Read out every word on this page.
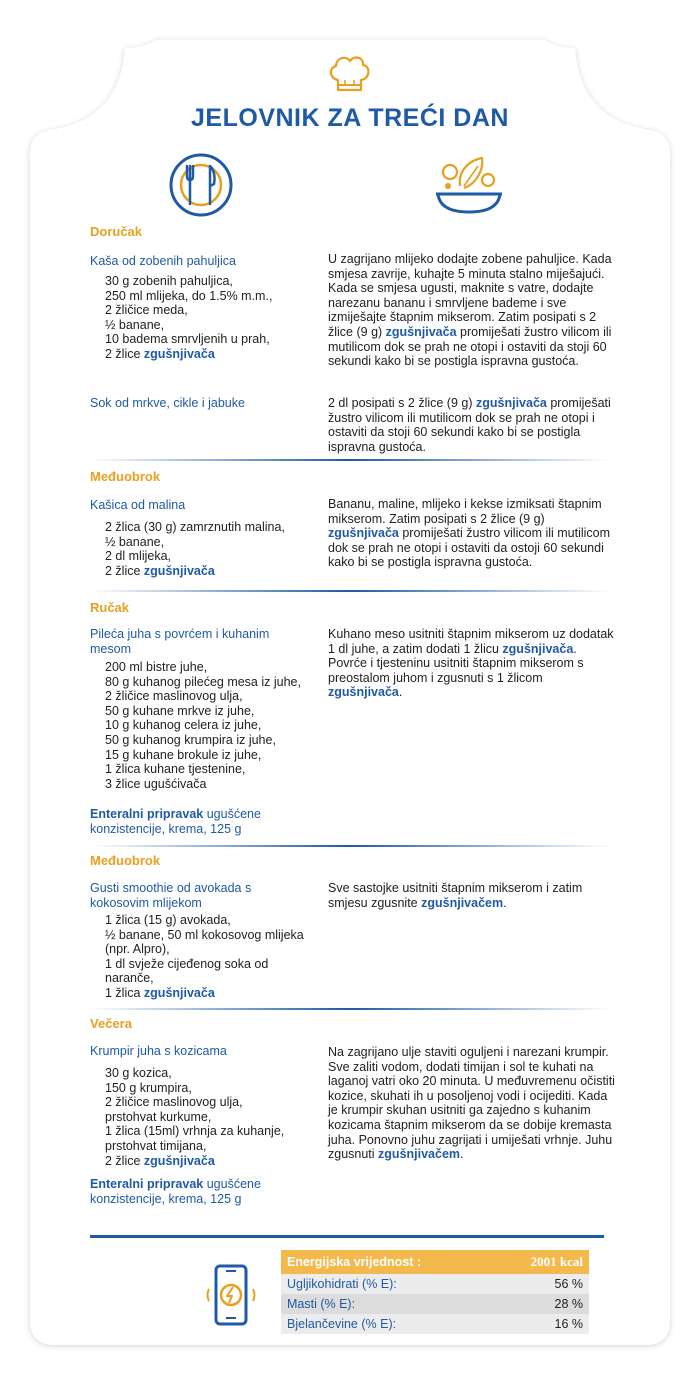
JELOVNIK ZA TREĆI DAN
Doručak
Kaša od zobenih pahuljica
30 g zobenih pahuljica,
250 ml mlijeka, do 1.5% m.m.,
2 žličice meda,
½ banane,
10 badema smrvljenih u prah,
2 žlice zgušnjivača
U zagrijano mlijeko dodajte zobene pahuljice. Kada smjesa zavrije, kuhajte 5 minuta stalno miješajući. Kada se smjesa ugusti, maknite s vatre, dodajte narezanu bananu i smrvljene bademe i sve izmiješajte štapnim mikserom. Zatim posipati s 2 žlice (9 g) zgušnjivača promiješati žustro vilicom ili mutilicom dok se prah ne otopi i ostaviti da stoji 60 sekundi kako bi se postigla ispravna gustoća.
Sok od mrkve, cikle i jabuke	2 dl posipati s 2 žlice (9 g) zgušnjivača promiješati žustro vilicom ili mutilicom dok se prah ne otopi i ostaviti da stoji 60 sekundi kako bi se postigla ispravna gustoća.
Međuobrok
Kašica od malina
2 žlica (30 g) zamrznutih malina,
½ banane,
2 dl mlijeka,
2 žlice zgušnjivača
Bananu, maline, mlijeko i kekse izmiksati štapnim mikserom. Zatim posipati s 2 žlice (9 g) zgušnjivača promiješati žustro vilicom ili mutilicom dok se prah ne otopi i ostaviti da ostoji 60 sekundi kako bi se postigla ispravna gustoća.
Ručak
Pileća juha s povrćem i kuhanim mesom
200 ml bistre juhe,
80 g kuhanog pilećeg mesa iz juhe,
2 žličice maslinovog ulja,
50 g kuhane mrkve iz juhe,
10 g kuhanog celera iz juhe,
50 g kuhanog krumpira iz juhe,
15 g kuhane brokule iz juhe,
1 žlica kuhane tjestenine,
3 žlice ugušćivača
Enteralni pripravak ugušćene konzistencije, krema, 125 g
Kuhano meso usitniti štapnim mikserom uz dodatak 1 dl juhe, a zatim dodati 1 žlicu zgušnjivača. Povrće i tjesteninu usitniti štapnim mikserom s preostalom juhom i zgusnuti s 1 žlicom zgušnjivača.
Međuobrok
Gusti smoothie od avokada s kokosovim mlijekom
1 žlica (15 g) avokada,
½ banane, 50 ml kokosovog mlijeka (npr. Alpro),
1 dl svježe cijeđenog soka od naranče,
1 žlica zgušnjivača
Sve sastojke usitniti štapnim mikserom i zatim smjesu zgusnite zgušnjivačem.
Večera
Krumpir juha s kozicama
30 g kozica,
150 g krumpira,
2 žličice maslinovog ulja,
prstohvat kurkume,
1 žlica (15ml) vrhnja za kuhanje,
prstohvat timijana,
2 žlice zgušnjivača
Enteralni pripravak ugušćene konzistencije, krema, 125 g
Na zagrijano ulje staviti oguljeni i narezani krumpir. Sve zaliti vodom, dodati timijan i sol te kuhati na laganoj vatri oko 20 minuta. U međuvremenu očistiti kozice, skuhati ih u posoljenoj vodi i ocijediti. Kada je krumpir skuhan usitniti ga zajedno s kuhanim kozicama štapnim mikserom da se dobije kremasta juha. Ponovno juhu zagrijati i umiješati vrhnje. Juhu zgusnuti zgušnjivačem.
Energijska vrijednost :	2001 kcal
Ugljikohidrati (% E):	56 %
Masti (% E):	28 %
Bjelančevine (% E):	16 %
